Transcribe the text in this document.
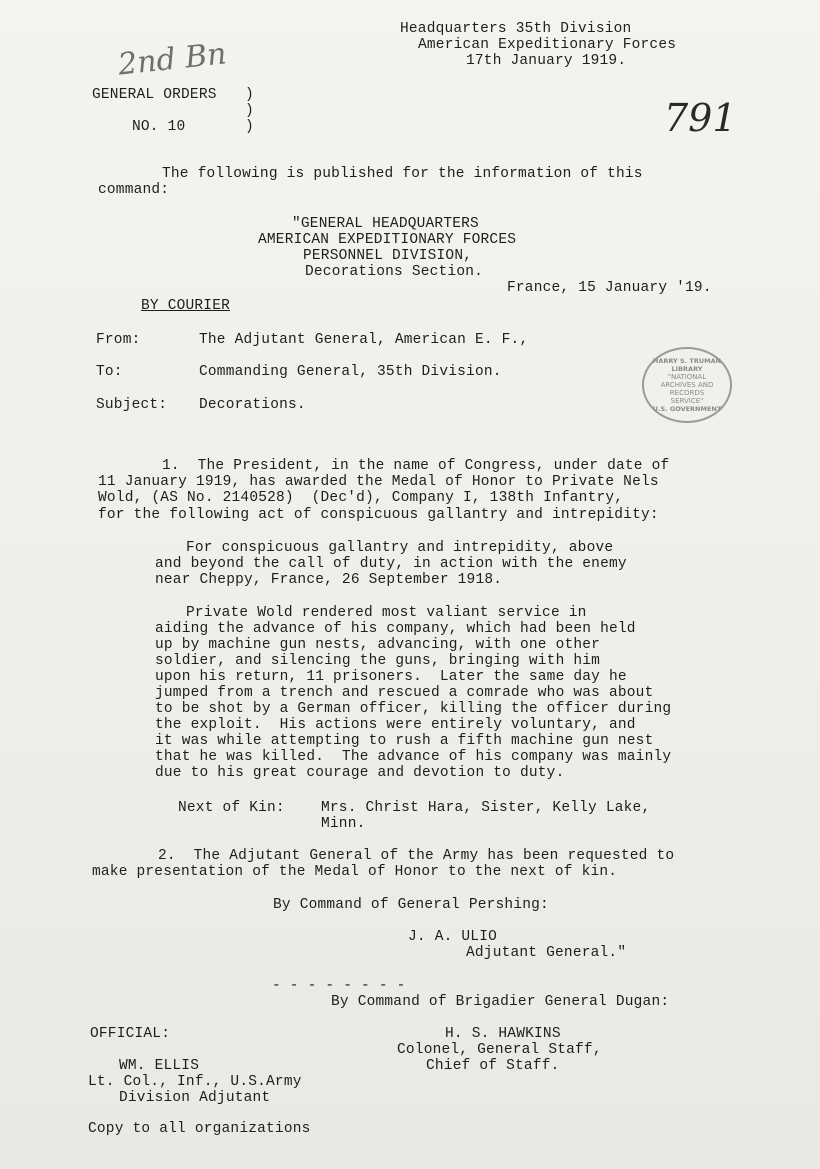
2nd Bn
791
Headquarters 35th Division
American Expeditionary Forces
17th January 1919.
GENERAL ORDERS )
)
NO. 10	)
The following is published for the information of this
command:
"GENERAL HEADQUARTERS
AMERICAN EXPEDITIONARY FORCES
PERSONNEL DIVISION,
Decorations Section.
France, 15 January '19.
BY COURIER
From:	The Adjutant General, American E. F.,
To:	Commanding General, 35th Division.
Subject: Decorations.
HARRY S. TRUMAN LIBRARY
"NATIONAL
ARCHIVES AND
RECORDS
SERVICE"
U.S. GOVERNMENT
1.  The President, in the name of Congress, under date of
11 January 1919, has awarded the Medal of Honor to Private Nels
Wold, (AS No. 2140528)  (Dec'd), Company I, 138th Infantry,
for the following act of conspicuous gallantry and intrepidity:
For conspicuous gallantry and intrepidity, above
and beyond the call of duty, in action with the enemy
near Cheppy, France, 26 September 1918.
Private Wold rendered most valiant service in
aiding the advance of his company, which had been held
up by machine gun nests, advancing, with one other
soldier, and silencing the guns, bringing with him
upon his return, 11 prisoners.  Later the same day he
jumped from a trench and rescued a comrade who was about
to be shot by a German officer, killing the officer during
the exploit.  His actions were entirely voluntary, and
it was while attempting to rush a fifth machine gun nest
that he was killed.  The advance of his company was mainly
due to his great courage and devotion to duty.
Next of Kin: Mrs. Christ Hara, Sister, Kelly Lake,
Minn.
2.  The Adjutant General of the Army has been requested to
make presentation of the Medal of Honor to the next of kin.
By Command of General Pershing:
J. A. ULIO
Adjutant General."
- - - - - - - -
By Command of Brigadier General Dugan:
OFFICIAL:
WM. ELLIS
Lt. Col., Inf., U.S.Army
Division Adjutant
H. S. HAWKINS
Colonel, General Staff,
Chief of Staff.
Copy to all organizations
